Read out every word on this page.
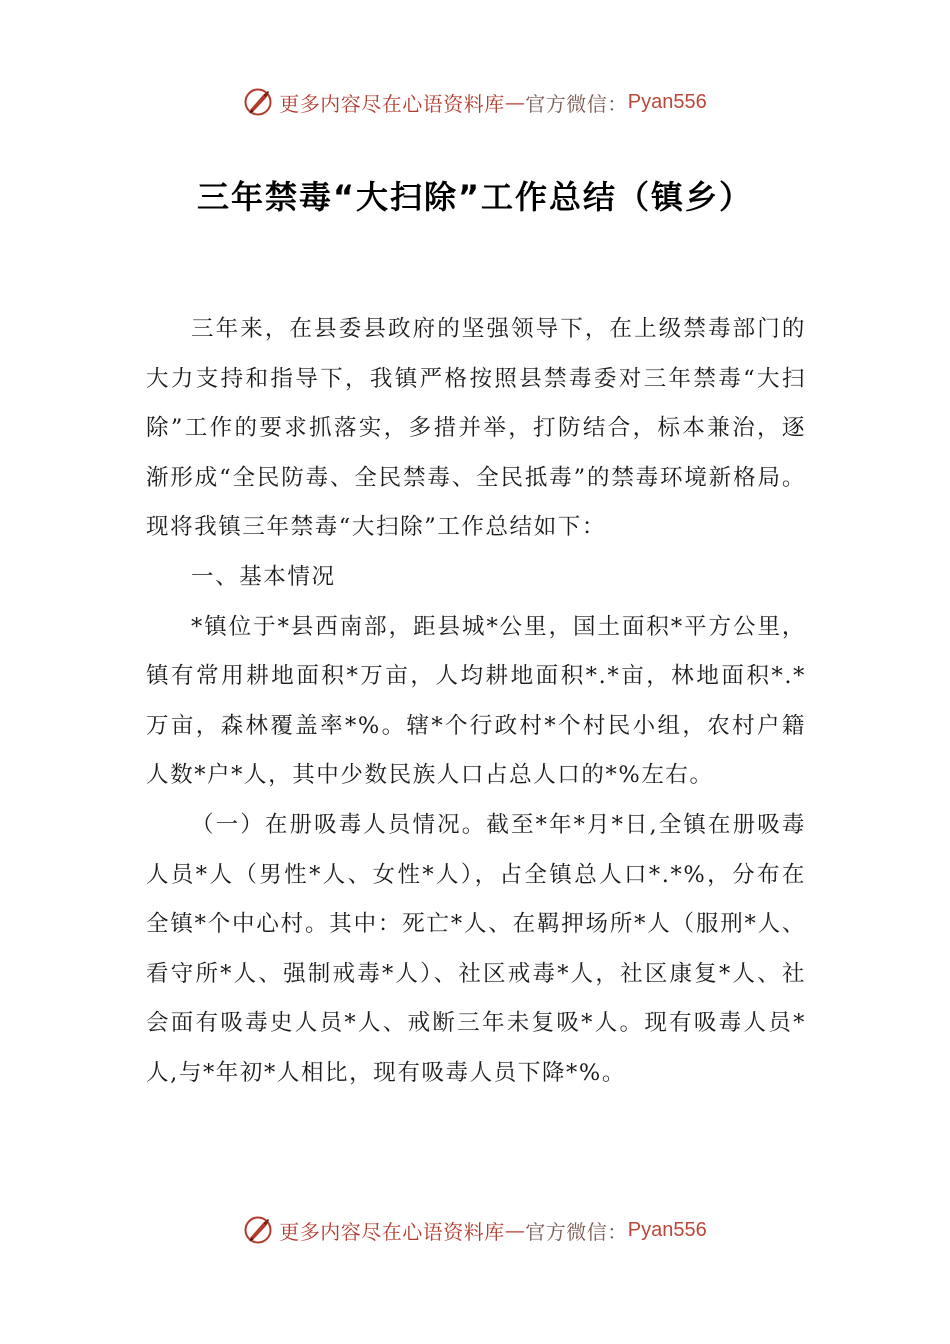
更多内容尽在心语资料库 — 官方微信： Pyan556
三年禁毒“大扫除”工作总结（镇乡）

三年来，在县委县政府的坚强领导下，在上级禁毒部门的大力支持和指导下，我镇严格按照县禁毒委对三年禁毒“大扫除”工作的要求抓落实，多措并举，打防结合，标本兼治，逐渐形成“全民防毒、全民禁毒、全民抵毒”的禁毒环境新格局。现将我镇三年禁毒“大扫除”工作总结如下：

一、基本情况

*镇位于*县西南部，距县城*公里，国土面积*平方公里，镇有常用耕地面积*万亩，人均耕地面积*.*亩，林地面积*.*万亩，森林覆盖率*%。辖*个行政村*个村民小组，农村户籍人数*户*人，其中少数民族人口占总人口的*%左右。

（一）在册吸毒人员情况。截至*年*月*日,全镇在册吸毒人员*人（男性*人、女性*人），占全镇总人口*.*%，分布在全镇*个中心村。其中：死亡*人、在羁押场所*人（服刑*人、看守所*人、强制戒毒*人）、社区戒毒*人，社区康复*人、社会面有吸毒史人员*人、戒断三年未复吸*人。现有吸毒人员*人,与*年初*人相比，现有吸毒人员下降*%。

更多内容尽在心语资料库 — 官方微信： Pyan556
